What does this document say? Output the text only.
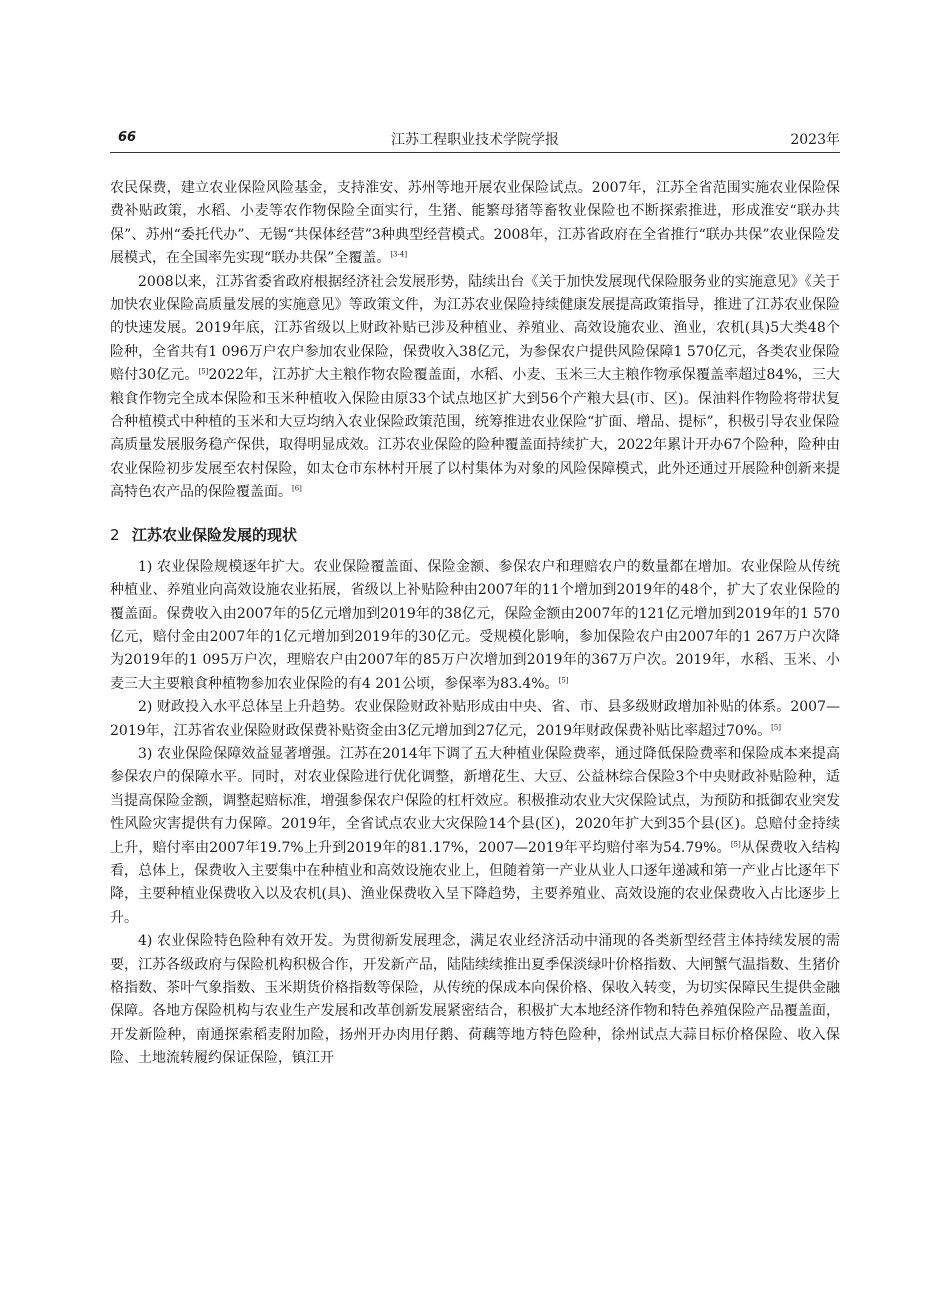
66	江苏工程职业技术学院学报	2023年

农民保费，建立农业保险风险基金，支持淮安、苏州等地开展农业保险试点。2007年，江苏全省范围实施农业保险保费补贴政策，水稻、小麦等农作物保险全面实行，生猪、能繁母猪等畜牧业保险也不断探索推进，形成淮安“联办共保”、苏州“委托代办”、无锡“共保体经营”3种典型经营模式。2008年，江苏省政府在全省推行“联办共保”农业保险发展模式，在全国率先实现“联办共保”全覆盖。[3-4]

2008以来，江苏省委省政府根据经济社会发展形势，陆续出台《关于加快发展现代保险服务业的实施意见》《关于加快农业保险高质量发展的实施意见》等政策文件，为江苏农业保险持续健康发展提高政策指导，推进了江苏农业保险的快速发展。2019年底，江苏省级以上财政补贴已涉及种植业、养殖业、高效设施农业、渔业，农机(具)5大类48个险种，全省共有1 096万户农户参加农业保险，保费收入38亿元，为参保农户提供风险保障1 570亿元，各类农业保险赔付30亿元。[5]2022年，江苏扩大主粮作物农险覆盖面，水稻、小麦、玉米三大主粮作物承保覆盖率超过84%，三大粮食作物完全成本保险和玉米种植收入保险由原33个试点地区扩大到56个产粮大县(市、区)。保油料作物险将带状复合种植模式中种植的玉米和大豆均纳入农业保险政策范围，统筹推进农业保险“扩面、增品、提标”，积极引导农业保险高质量发展服务稳产保供，取得明显成效。江苏农业保险的险种覆盖面持续扩大，2022年累计开办67个险种，险种由农业保险初步发展至农村保险，如太仓市东林村开展了以村集体为对象的风险保障模式，此外还通过开展险种创新来提高特色农产品的保险覆盖面。[6]

2 江苏农业保险发展的现状

1) 农业保险规模逐年扩大。农业保险覆盖面、保险金额、参保农户和理赔农户的数量都在增加。农业保险从传统种植业、养殖业向高效设施农业拓展，省级以上补贴险种由2007年的11个增加到2019年的48个，扩大了农业保险的覆盖面。保费收入由2007年的5亿元增加到2019年的38亿元，保险金额由2007年的121亿元增加到2019年的1 570亿元，赔付金由2007年的1亿元增加到2019年的30亿元。受规模化影响，参加保险农户由2007年的1 267万户次降为2019年的1 095万户次，理赔农户由2007年的85万户次增加到2019年的367万户次。2019年，水稻、玉米、小麦三大主要粮食种植物参加农业保险的有4 201公顷，参保率为83.4%。[5]

2) 财政投入水平总体呈上升趋势。农业保险财政补贴形成由中央、省、市、县多级财政增加补贴的体系。2007—2019年，江苏省农业保险财政保费补贴资金由3亿元增加到27亿元，2019年财政保费补贴比率超过70%。[5]

3) 农业保险保障效益显著增强。江苏在2014年下调了五大种植业保险费率，通过降低保险费率和保险成本来提高参保农户的保障水平。同时，对农业保险进行优化调整，新增花生、大豆、公益林综合保险3个中央财政补贴险种，适当提高保险金额，调整起赔标准，增强参保农户保险的杠杆效应。积极推动农业大灾保险试点，为预防和抵御农业突发性风险灾害提供有力保障。2019年，全省试点农业大灾保险14个县(区)，2020年扩大到35个县(区)。总赔付金持续上升，赔付率由2007年19.7%上升到2019年的81.17%，2007—2019年平均赔付率为54.79%。[5]从保费收入结构看，总体上，保费收入主要集中在种植业和高效设施农业上，但随着第一产业从业人口逐年递减和第一产业占比逐年下降，主要种植业保费收入以及农机(具)、渔业保费收入呈下降趋势，主要养殖业、高效设施的农业保费收入占比逐步上升。

4) 农业保险特色险种有效开发。为贯彻新发展理念，满足农业经济活动中涌现的各类新型经营主体持续发展的需要，江苏各级政府与保险机构积极合作，开发新产品，陆陆续续推出夏季保淡绿叶价格指数、大闸蟹气温指数、生猪价格指数、茶叶气象指数、玉米期货价格指数等保险，从传统的保成本向保价格、保收入转变，为切实保障民生提供金融保障。各地方保险机构与农业生产发展和改革创新发展紧密结合，积极扩大本地经济作物和特色养殖保险产品覆盖面，开发新险种，南通探索稻麦附加险，扬州开办肉用仔鹅、荷藕等地方特色险种，徐州试点大蒜目标价格保险、收入保险、土地流转履约保证保险，镇江开
